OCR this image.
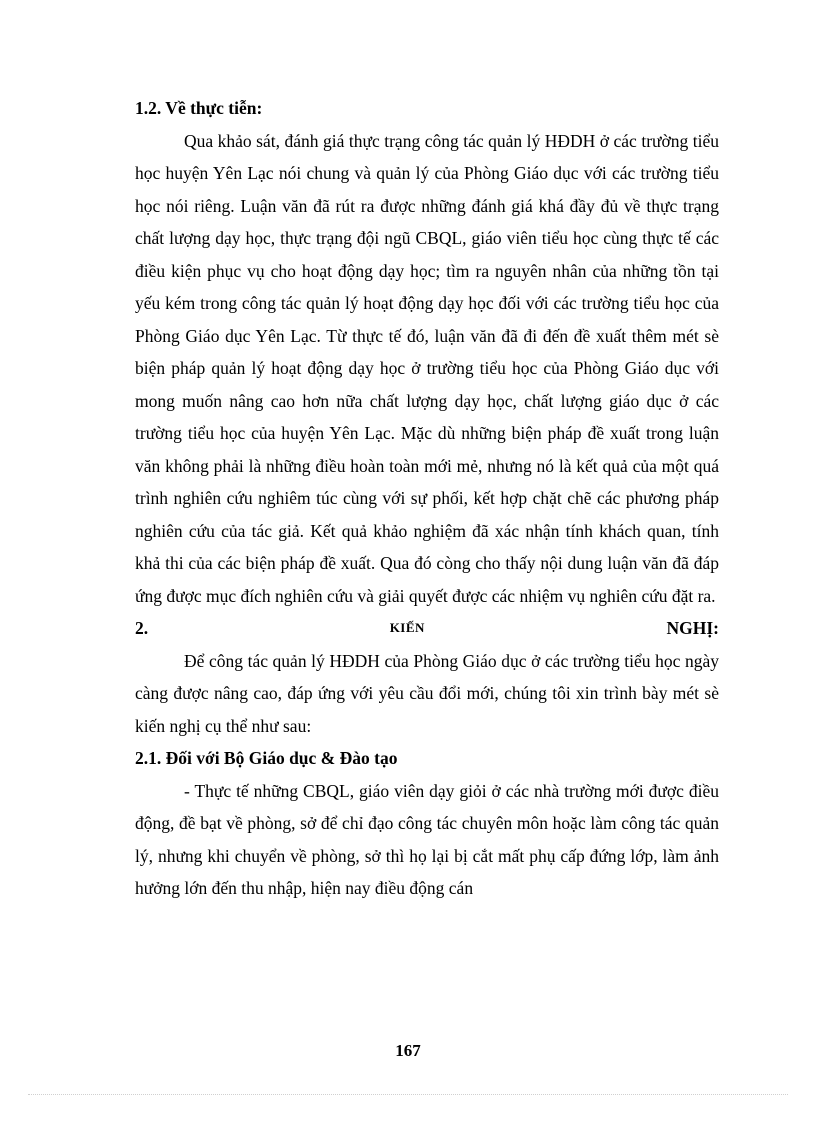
1.2. Về thực tiễn:

Qua khảo sát, đánh giá thực trạng công tác quản lý HĐDH ở các trường tiểu học huyện Yên Lạc nói chung và quản lý của Phòng Giáo dục với các trường tiểu học nói riêng. Luận văn đã rút ra được những đánh giá khá đầy đủ về thực trạng chất lượng dạy học, thực trạng đội ngũ CBQL, giáo viên tiểu học cùng thực tế các điều kiện phục vụ cho hoạt động dạy học; tìm ra nguyên nhân của những tồn tại yếu kém trong công tác quản lý hoạt động dạy học đối với các trường tiểu học của Phòng Giáo dục Yên Lạc. Từ thực tế đó, luận văn đã đi đến đề xuất thêm mét sè biện pháp quản lý hoạt động dạy học ở trường tiểu học của Phòng Giáo dục với mong muốn nâng cao hơn nữa chất lượng dạy học, chất lượng giáo dục ở các trường tiểu học của huyện Yên Lạc. Mặc dù những biện pháp đề xuất trong luận văn không phải là những điều hoàn toàn mới mẻ, nhưng nó là kết quả của một quá trình nghiên cứu nghiêm túc cùng với sự phối, kết hợp chặt chẽ các phương pháp nghiên cứu của tác giả. Kết quả khảo nghiệm đã xác nhận tính khách quan, tính khả thi của các biện pháp đề xuất. Qua đó còng cho thấy nội dung luận văn đã đáp ứng được mục đích nghiên cứu và giải quyết được các nhiệm vụ nghiên cứu đặt ra.

2.	KIẾN	NGHỊ:

Để công tác quản lý HĐDH của Phòng Giáo dục ở các trường tiểu học ngày càng được nâng cao, đáp ứng với yêu cầu đổi mới, chúng tôi xin trình bày mét sè kiến nghị cụ thể như sau:

2.1. Đối với Bộ Giáo dục & Đào tạo

- Thực tế những CBQL, giáo viên dạy giỏi ở các nhà trường mới được điều động, đề bạt về phòng, sở để chỉ đạo công tác chuyên môn hoặc làm công tác quản lý, nhưng khi chuyển về phòng, sở thì họ lại bị cắt mất phụ cấp đứng lớp, làm ảnh hưởng lớn đến thu nhập, hiện nay điều động cán

167
